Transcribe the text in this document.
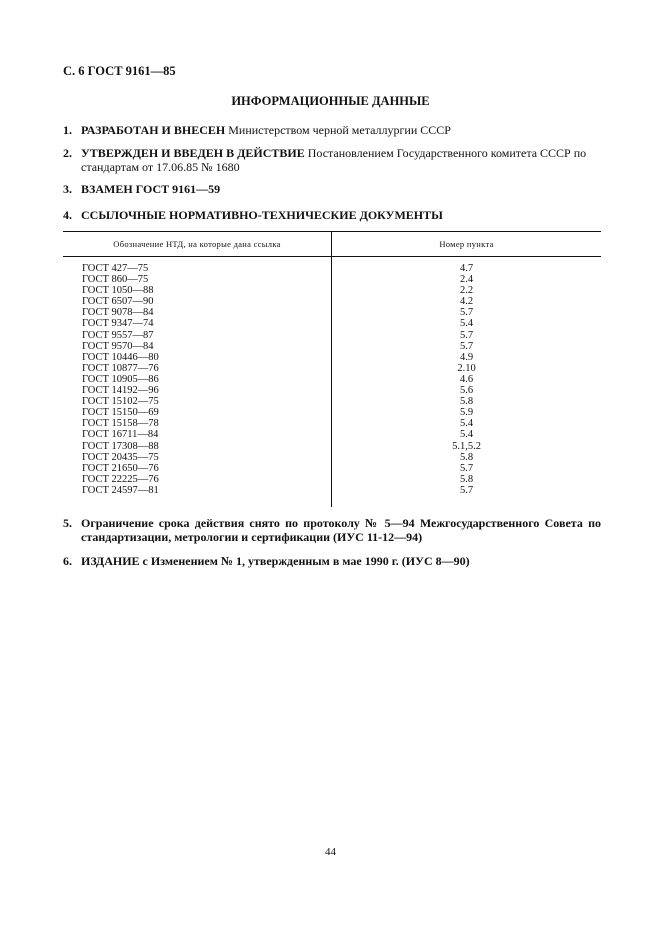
С. 6 ГОСТ 9161—85
ИНФОРМАЦИОННЫЕ ДАННЫЕ
1. РАЗРАБОТАН И ВНЕСЕН Министерством черной металлургии СССР
2. УТВЕРЖДЕН И ВВЕДЕН В ДЕЙСТВИЕ Постановлением Государственного комитета СССР по стандартам от 17.06.85 № 1680
3. ВЗАМЕН ГОСТ 9161—59
4. ССЫЛОЧНЫЕ НОРМАТИВНО-ТЕХНИЧЕСКИЕ ДОКУМЕНТЫ
Обозначение НТД, на которые дана ссылка	Номер пункта
ГОСТ 427—75
ГОСТ 860—75
ГОСТ 1050—88
ГОСТ 6507—90
ГОСТ 9078—84
ГОСТ 9347—74
ГОСТ 9557—87
ГОСТ 9570—84
ГОСТ 10446—80
ГОСТ 10877—76
ГОСТ 10905—86
ГОСТ 14192—96
ГОСТ 15102—75
ГОСТ 15150—69
ГОСТ 15158—78
ГОСТ 16711—84
ГОСТ 17308—88
ГОСТ 20435—75
ГОСТ 21650—76
ГОСТ 22225—76
ГОСТ 24597—81
4.7
2.4
2.2
4.2
5.7
5.4
5.7
5.7
4.9
2.10
4.6
5.6
5.8
5.9
5.4
5.4
5.1,5.2
5.8
5.7
5.8
5.7
5. Ограничение срока действия снято по протоколу № 5—94 Межгосударственного Совета по стандартизации, метрологии и сертификации (ИУС 11-12—94)
6. ИЗДАНИЕ с Изменением № 1, утвержденным в мае 1990 г. (ИУС 8—90)
44
